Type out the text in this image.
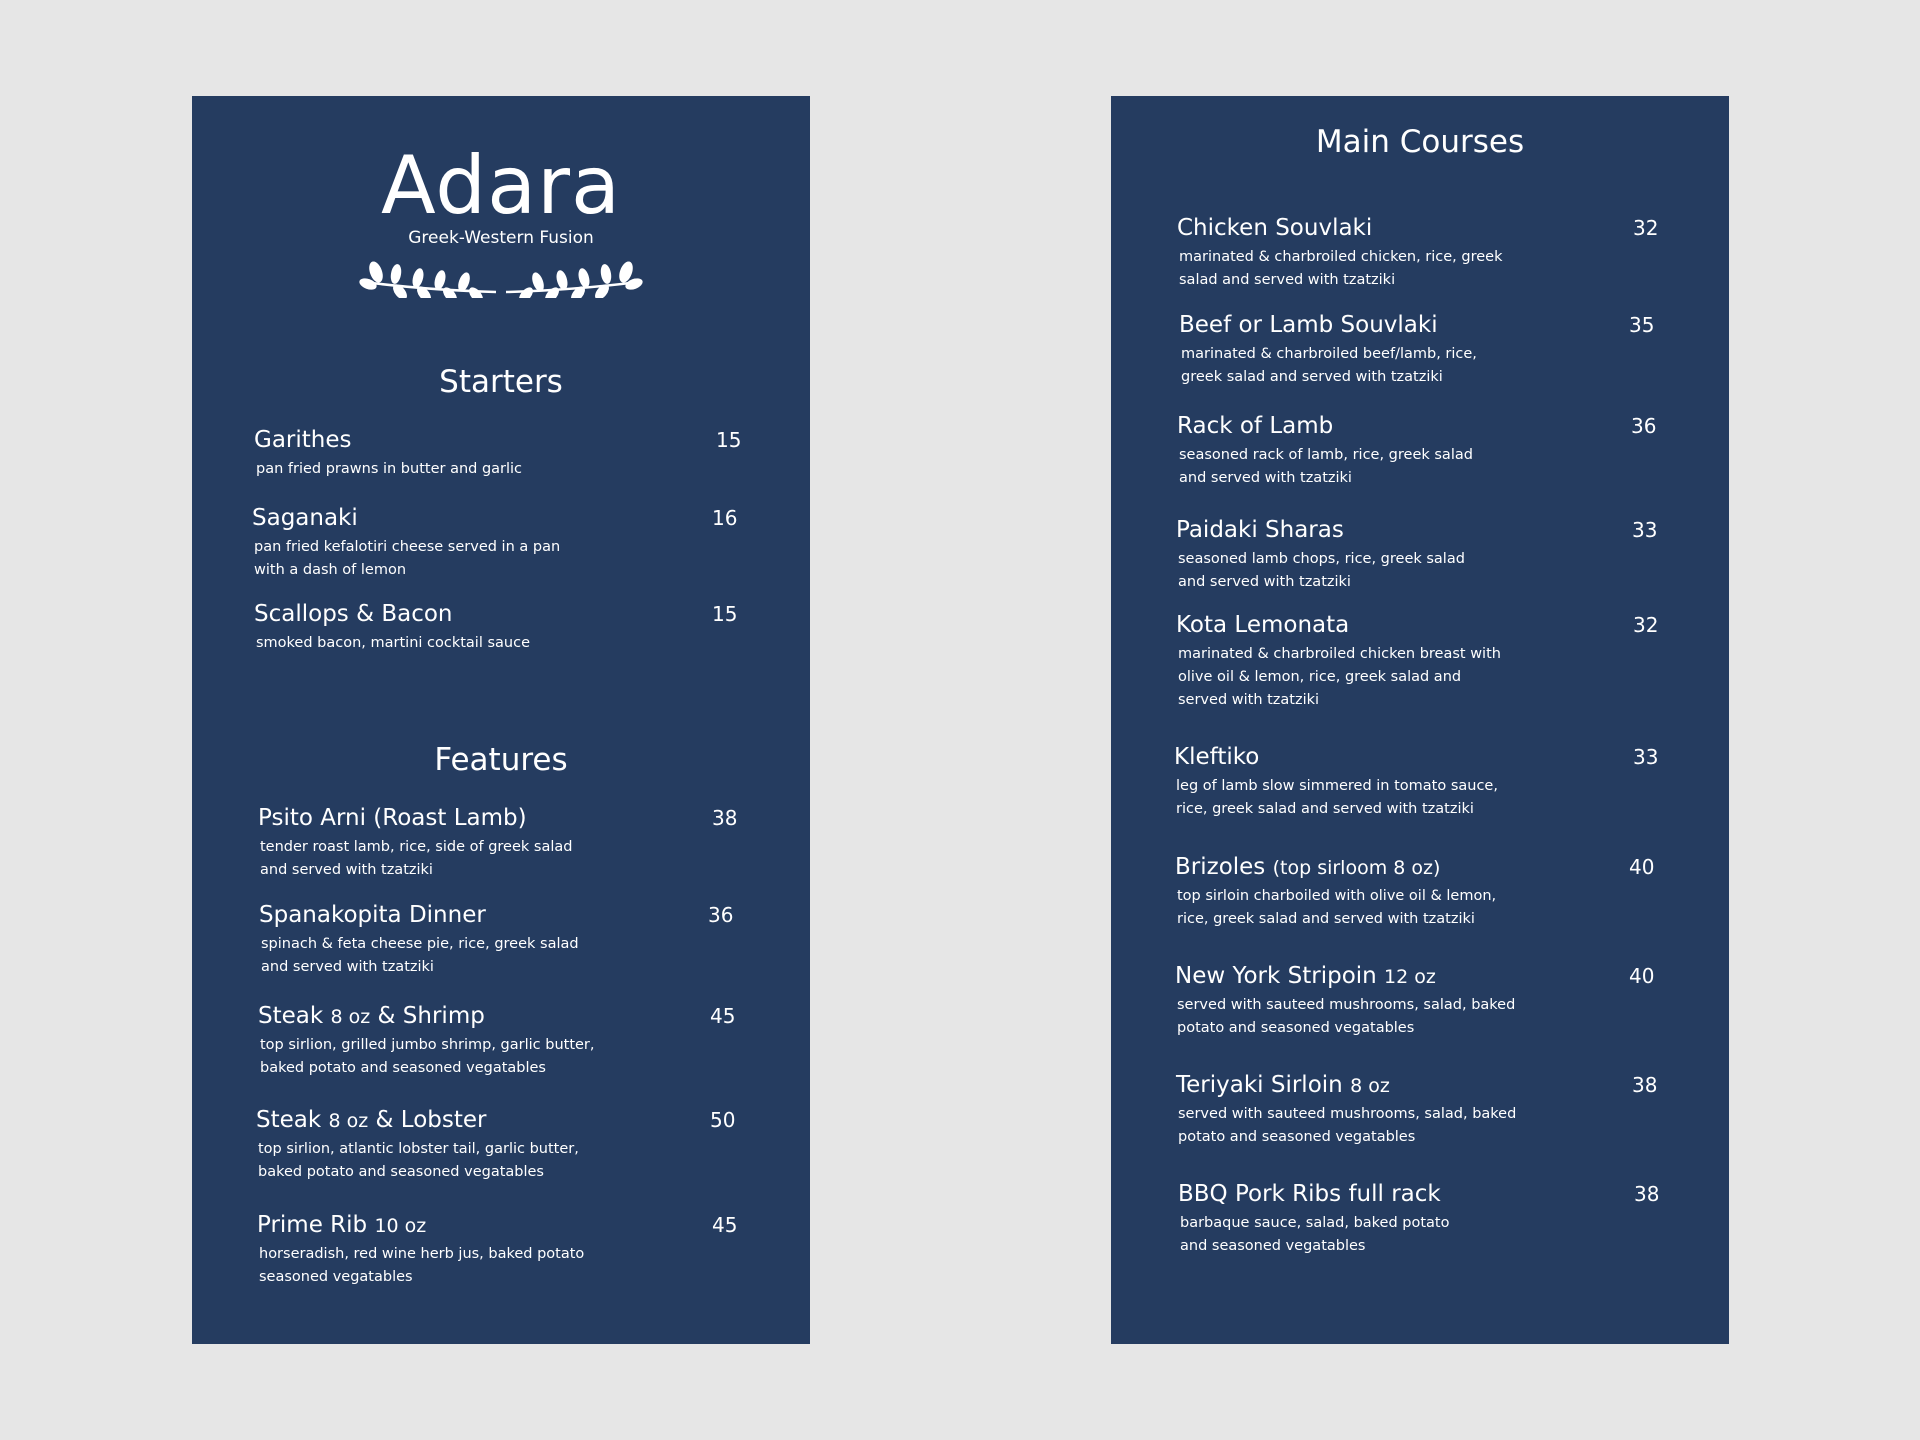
Adara
Greek-Western Fusion
Starters
Garithes	15
pan fried prawns in butter and garlic
Saganaki	16
pan fried kefalotiri cheese served in a pan
with a dash of lemon
Scallops & Bacon	15
smoked bacon, martini cocktail sauce
Features
Psito Arni (Roast Lamb)	38
tender roast lamb, rice, side of greek salad
and served with tzatziki
Spanakopita Dinner	36
spinach & feta cheese pie, rice, greek salad
and served with tzatziki
Steak 8 oz & Shrimp	45
top sirlion, grilled jumbo shrimp, garlic butter,
baked potato and seasoned vegatables
Steak 8 oz & Lobster	50
top sirlion, atlantic lobster tail, garlic butter,
baked potato and seasoned vegatables
Prime Rib 10 oz	45
horseradish, red wine herb jus, baked potato
seasoned vegatables
Main Courses
Chicken Souvlaki	32
marinated & charbroiled chicken, rice, greek
salad and served with tzatziki
Beef or Lamb Souvlaki	35
marinated & charbroiled beef/lamb, rice,
greek salad and served with tzatziki
Rack of Lamb	36
seasoned rack of lamb, rice, greek salad
and served with tzatziki
Paidaki Sharas	33
seasoned lamb chops, rice, greek salad
and served with tzatziki
Kota Lemonata	32
marinated & charbroiled chicken breast with
olive oil & lemon, rice, greek salad and
served with tzatziki
Kleftiko	33
leg of lamb slow simmered in tomato sauce,
rice, greek salad and served with tzatziki
Brizoles (top sirloom 8 oz)	40
top sirloin charboiled with olive oil & lemon,
rice, greek salad and served with tzatziki
New York Stripoin 12 oz	40
served with sauteed mushrooms, salad, baked
potato and seasoned vegatables
Teriyaki Sirloin 8 oz	38
served with sauteed mushrooms, salad, baked
potato and seasoned vegatables
BBQ Pork Ribs full rack	38
barbaque sauce, salad, baked potato
and seasoned vegatables
